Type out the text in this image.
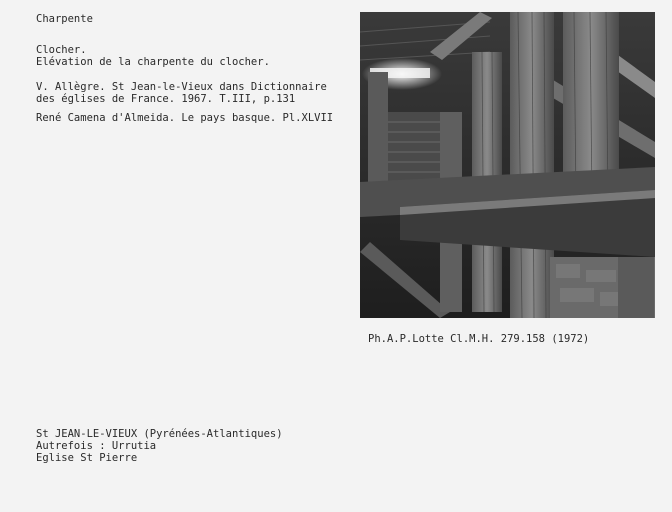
Charpente
Clocher.
Elévation de la charpente du clocher.
V. Allègre. St Jean-le-Vieux dans Dictionnaire
des églises de France. 1967. T.III, p.131
René Camena d'Almeida. Le pays basque. Pl.XLVII
Ph.A.P.Lotte Cl.M.H. 279.158 (1972)
St JEAN-LE-VIEUX (Pyrénées-Atlantiques)
Autrefois : Urrutia
Eglise St Pierre
